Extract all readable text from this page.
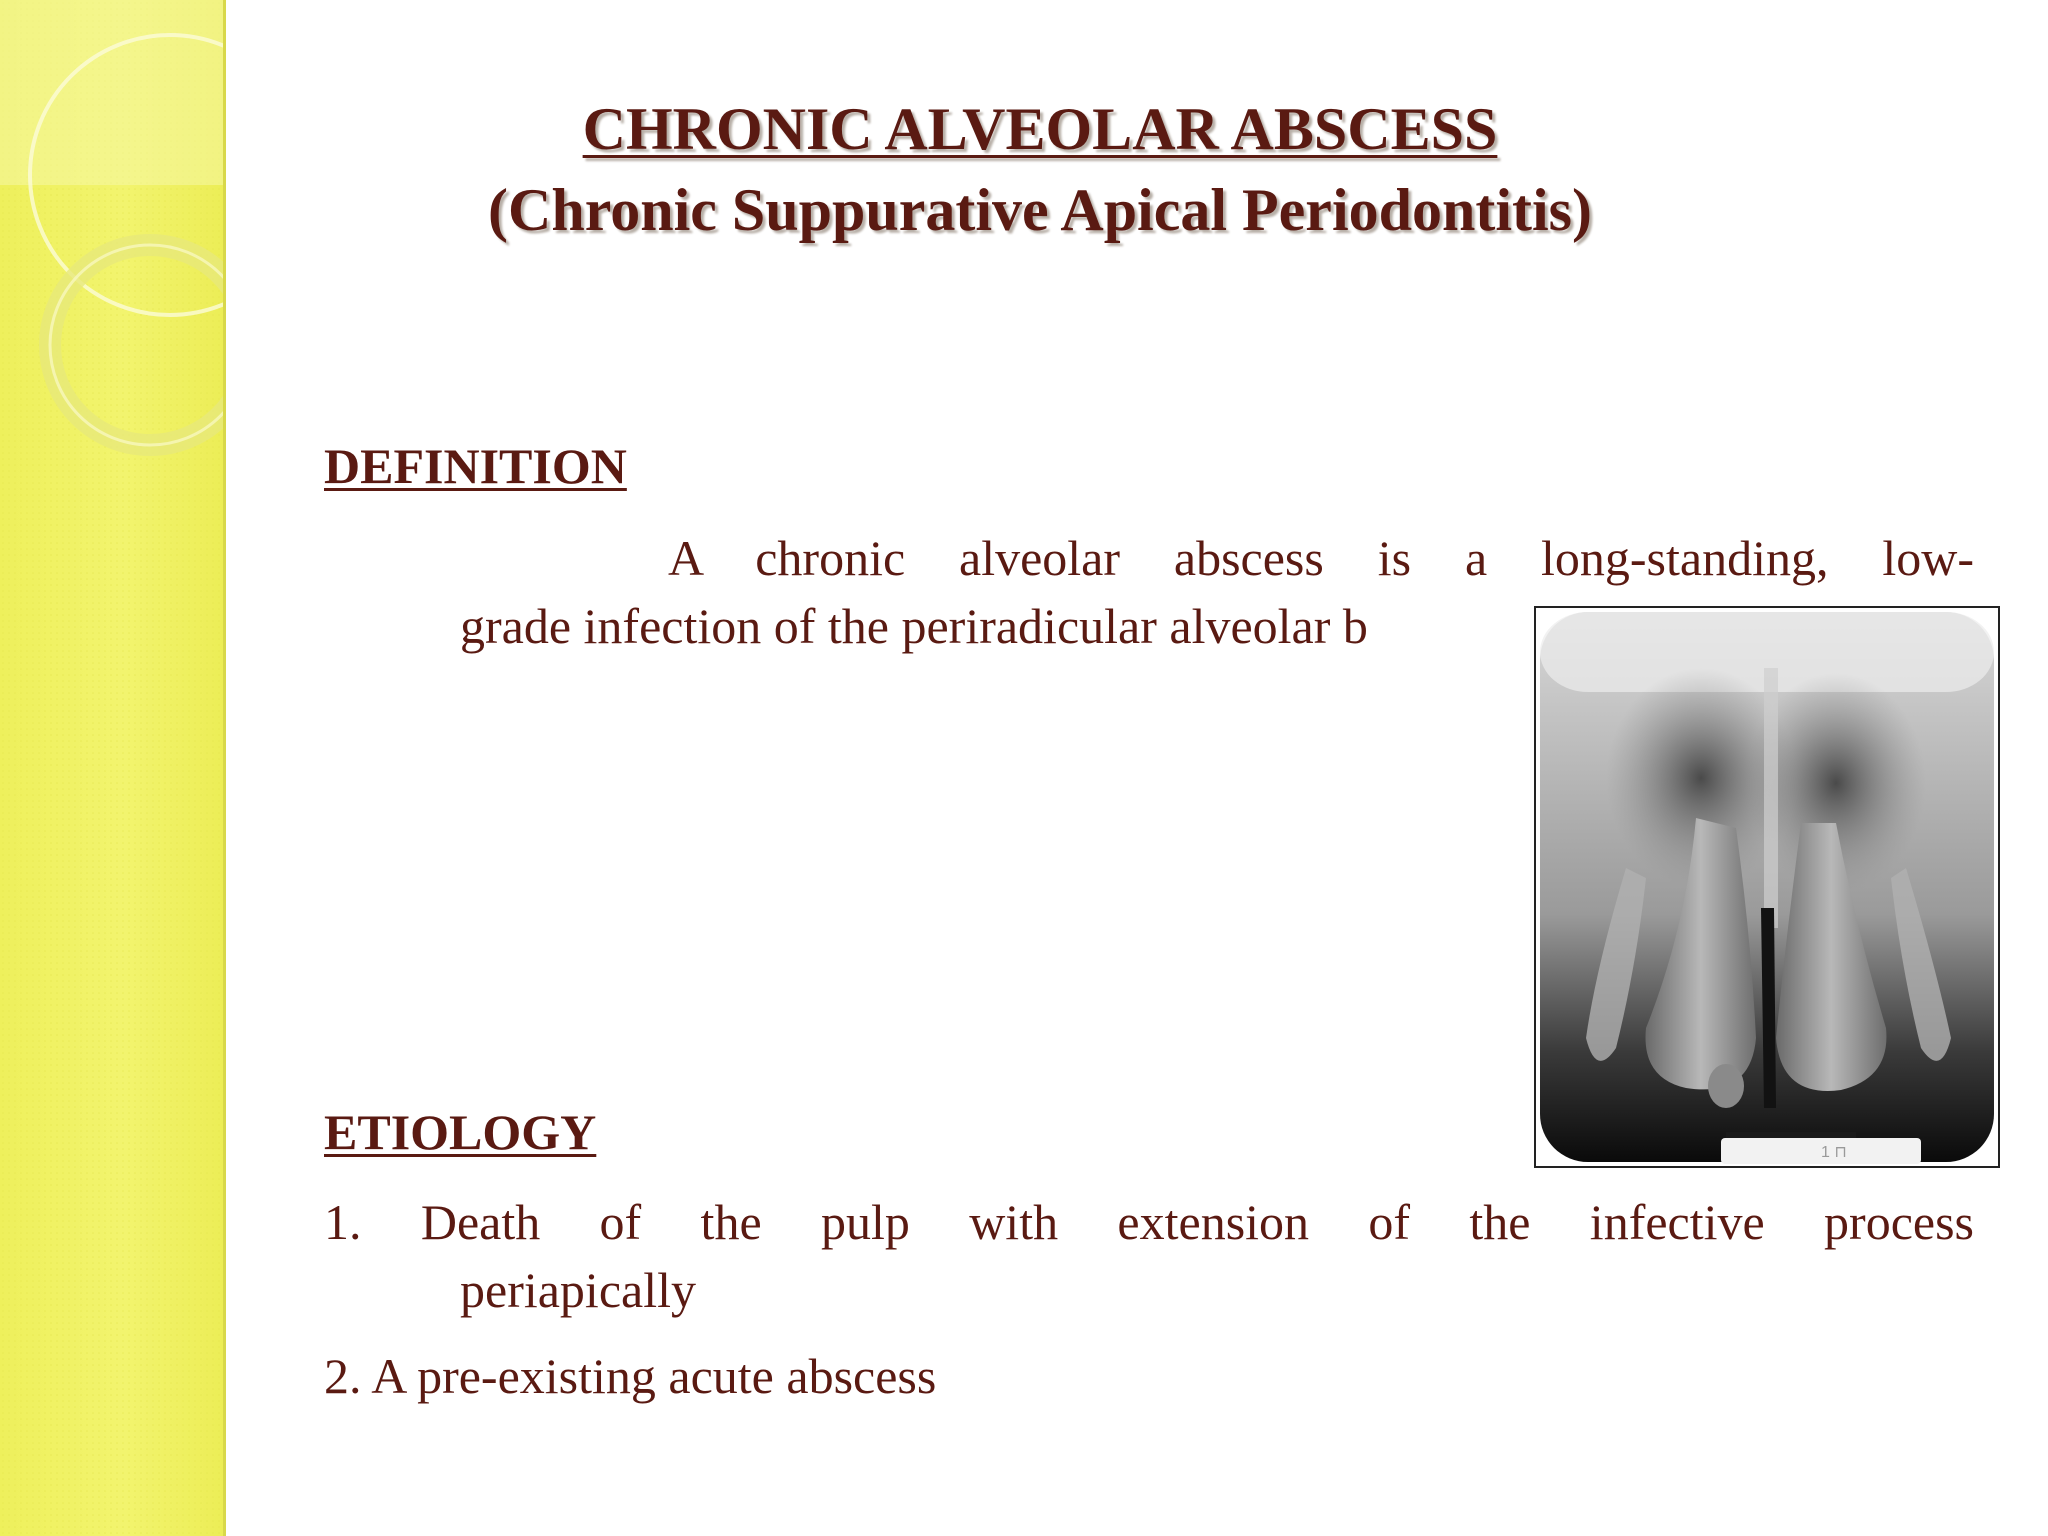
CHRONIC ALVEOLAR ABSCESS
(Chronic Suppurative Apical Periodontitis)
DEFINITION

A chronic alveolar abscess is a long-standing, low-
grade infection of the periradicular alveolar b

1 ⊓
ETIOLOGY
1. Death of the pulp with extension of the infective process
periapically
2. A pre-existing acute abscess
